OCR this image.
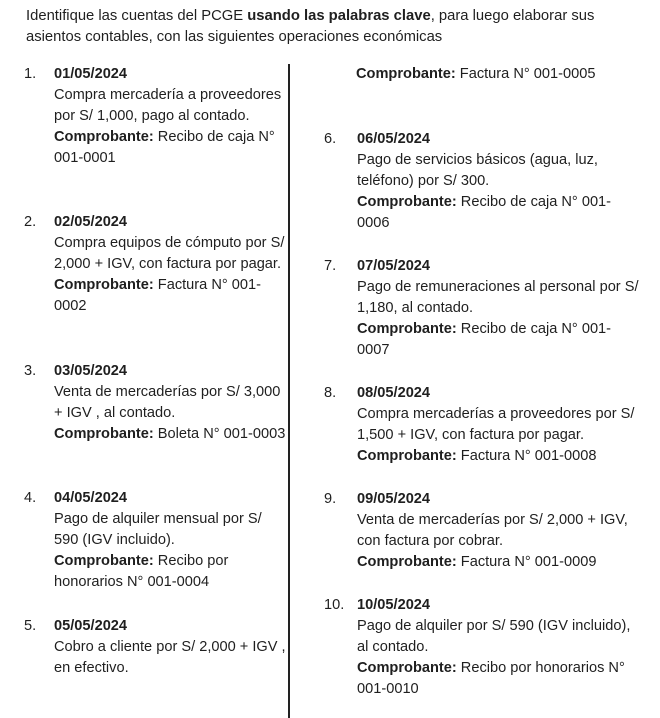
Identifique las cuentas del PCGE usando las palabras clave, para luego elaborar sus asientos contables, con las siguientes operaciones económicas
Comprobante: Factura N° 001-0005
1. 01/05/2024
Compra mercadería a proveedores por S/ 1,000, pago al contado.
Comprobante: Recibo de caja N° 001-0001
2. 02/05/2024
Compra equipos de cómputo por S/ 2,000 + IGV, con factura por pagar.
Comprobante: Factura N° 001-0002
3. 03/05/2024
Venta de mercaderías por S/ 3,000 + IGV , al contado.
Comprobante: Boleta N° 001-0003
4. 04/05/2024
Pago de alquiler mensual por S/ 590 (IGV incluido).
Comprobante: Recibo por honorarios N° 001-0004
5. 05/05/2024
Cobro a cliente por S/ 2,000 + IGV , en efectivo.
6. 06/05/2024
Pago de servicios básicos (agua, luz, teléfono) por S/ 300.
Comprobante: Recibo de caja N° 001-0006
7. 07/05/2024
Pago de remuneraciones al personal por S/ 1,180, al contado.
Comprobante: Recibo de caja N° 001-0007
8. 08/05/2024
Compra mercaderías a proveedores por S/ 1,500 + IGV, con factura por pagar.
Comprobante: Factura N° 001-0008
9. 09/05/2024
Venta de mercaderías por S/ 2,000 + IGV, con factura por cobrar.
Comprobante: Factura N° 001-0009
10. 10/05/2024
Pago de alquiler por S/ 590 (IGV incluido), al contado.
Comprobante: Recibo por honorarios N° 001-0010
